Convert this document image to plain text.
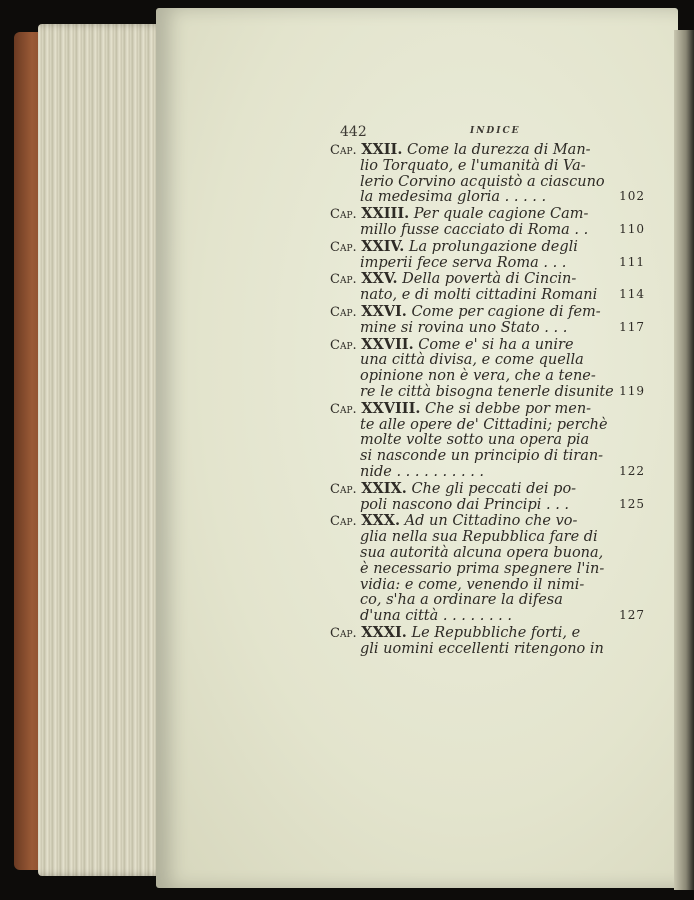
442	INDICE
Cap. XXII. Come la durezza di Man-
lio Torquato, e l'umanità di Va-
lerio Corvino acquistò a ciascuno
la medesima gloria . . . . .	102
Cap. XXIII. Per quale cagione Cam-
millo fusse cacciato di Roma . .	110
Cap. XXIV. La prolungazione degli
imperii fece serva Roma . . .	111
Cap. XXV. Della povertà di Cincin-
nato, e di molti cittadini Romani	114
Cap. XXVI. Come per cagione di fem-
mine si rovina uno Stato . . .	117
Cap. XXVII. Come e' si ha a unire
una città divisa, e come quella
opinione non è vera, che a tene-
re le città bisogna tenerle disunite 119
Cap. XXVIII. Che si debbe por men-
te alle opere de' Cittadini; perchè
molte volte sotto una opera pia
si nasconde un principio di tiran-
nide . . . . . . . . . .	122
Cap. XXIX. Che gli peccati dei po-
poli nascono dai Principi . . .	125
Cap. XXX. Ad un Cittadino che vo-
glia nella sua Repubblica fare di
sua autorità alcuna opera buona,
è necessario prima spegnere l'in-
vidia: e come, venendo il nimi-
co, s'ha a ordinare la difesa
d'una città . . . . . . . .	127
Cap. XXXI. Le Repubbliche forti, e
gli uomini eccellenti ritengono in
